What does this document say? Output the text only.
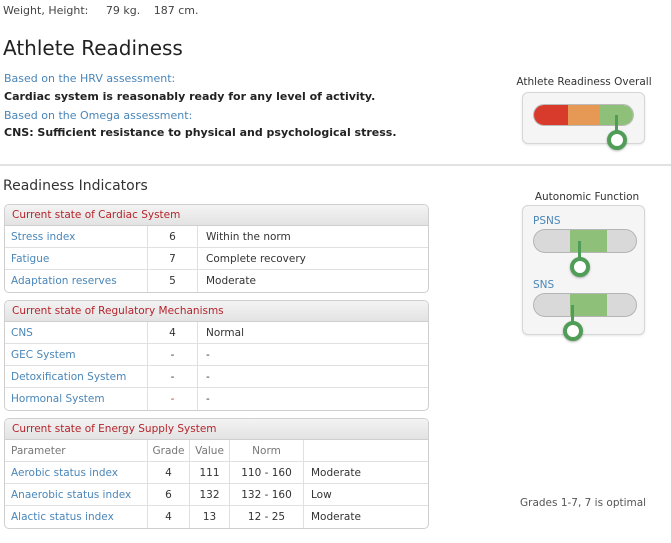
Weight, Height: 79 kg. 187 cm.
Athlete Readiness
Based on the HRV assessment:
Cardiac system is reasonably ready for any level of activity.
Based on the Omega assessment:
CNS: Sufficient resistance to physical and psychological stress.
Athlete Readiness Overall
Readiness Indicators
Autonomic Function
PSNS
SNS
Current state of Cardiac System
Stress index	6	Within the norm
Fatigue	7	Complete recovery
Adaptation reserves	5	Moderate
Current state of Regulatory Mechanisms
CNS	4	Normal
GEC System	-	-
Detoxification System	-	-
Hormonal System	-	-
Current state of Energy Supply System
Parameter	Grade	Value	Norm
Aerobic status index	4	111	110 - 160	Moderate
Anaerobic status index	6	132	132 - 160	Low
Alactic status index	4	13	12 - 25	Moderate
Grades 1-7, 7 is optimal
